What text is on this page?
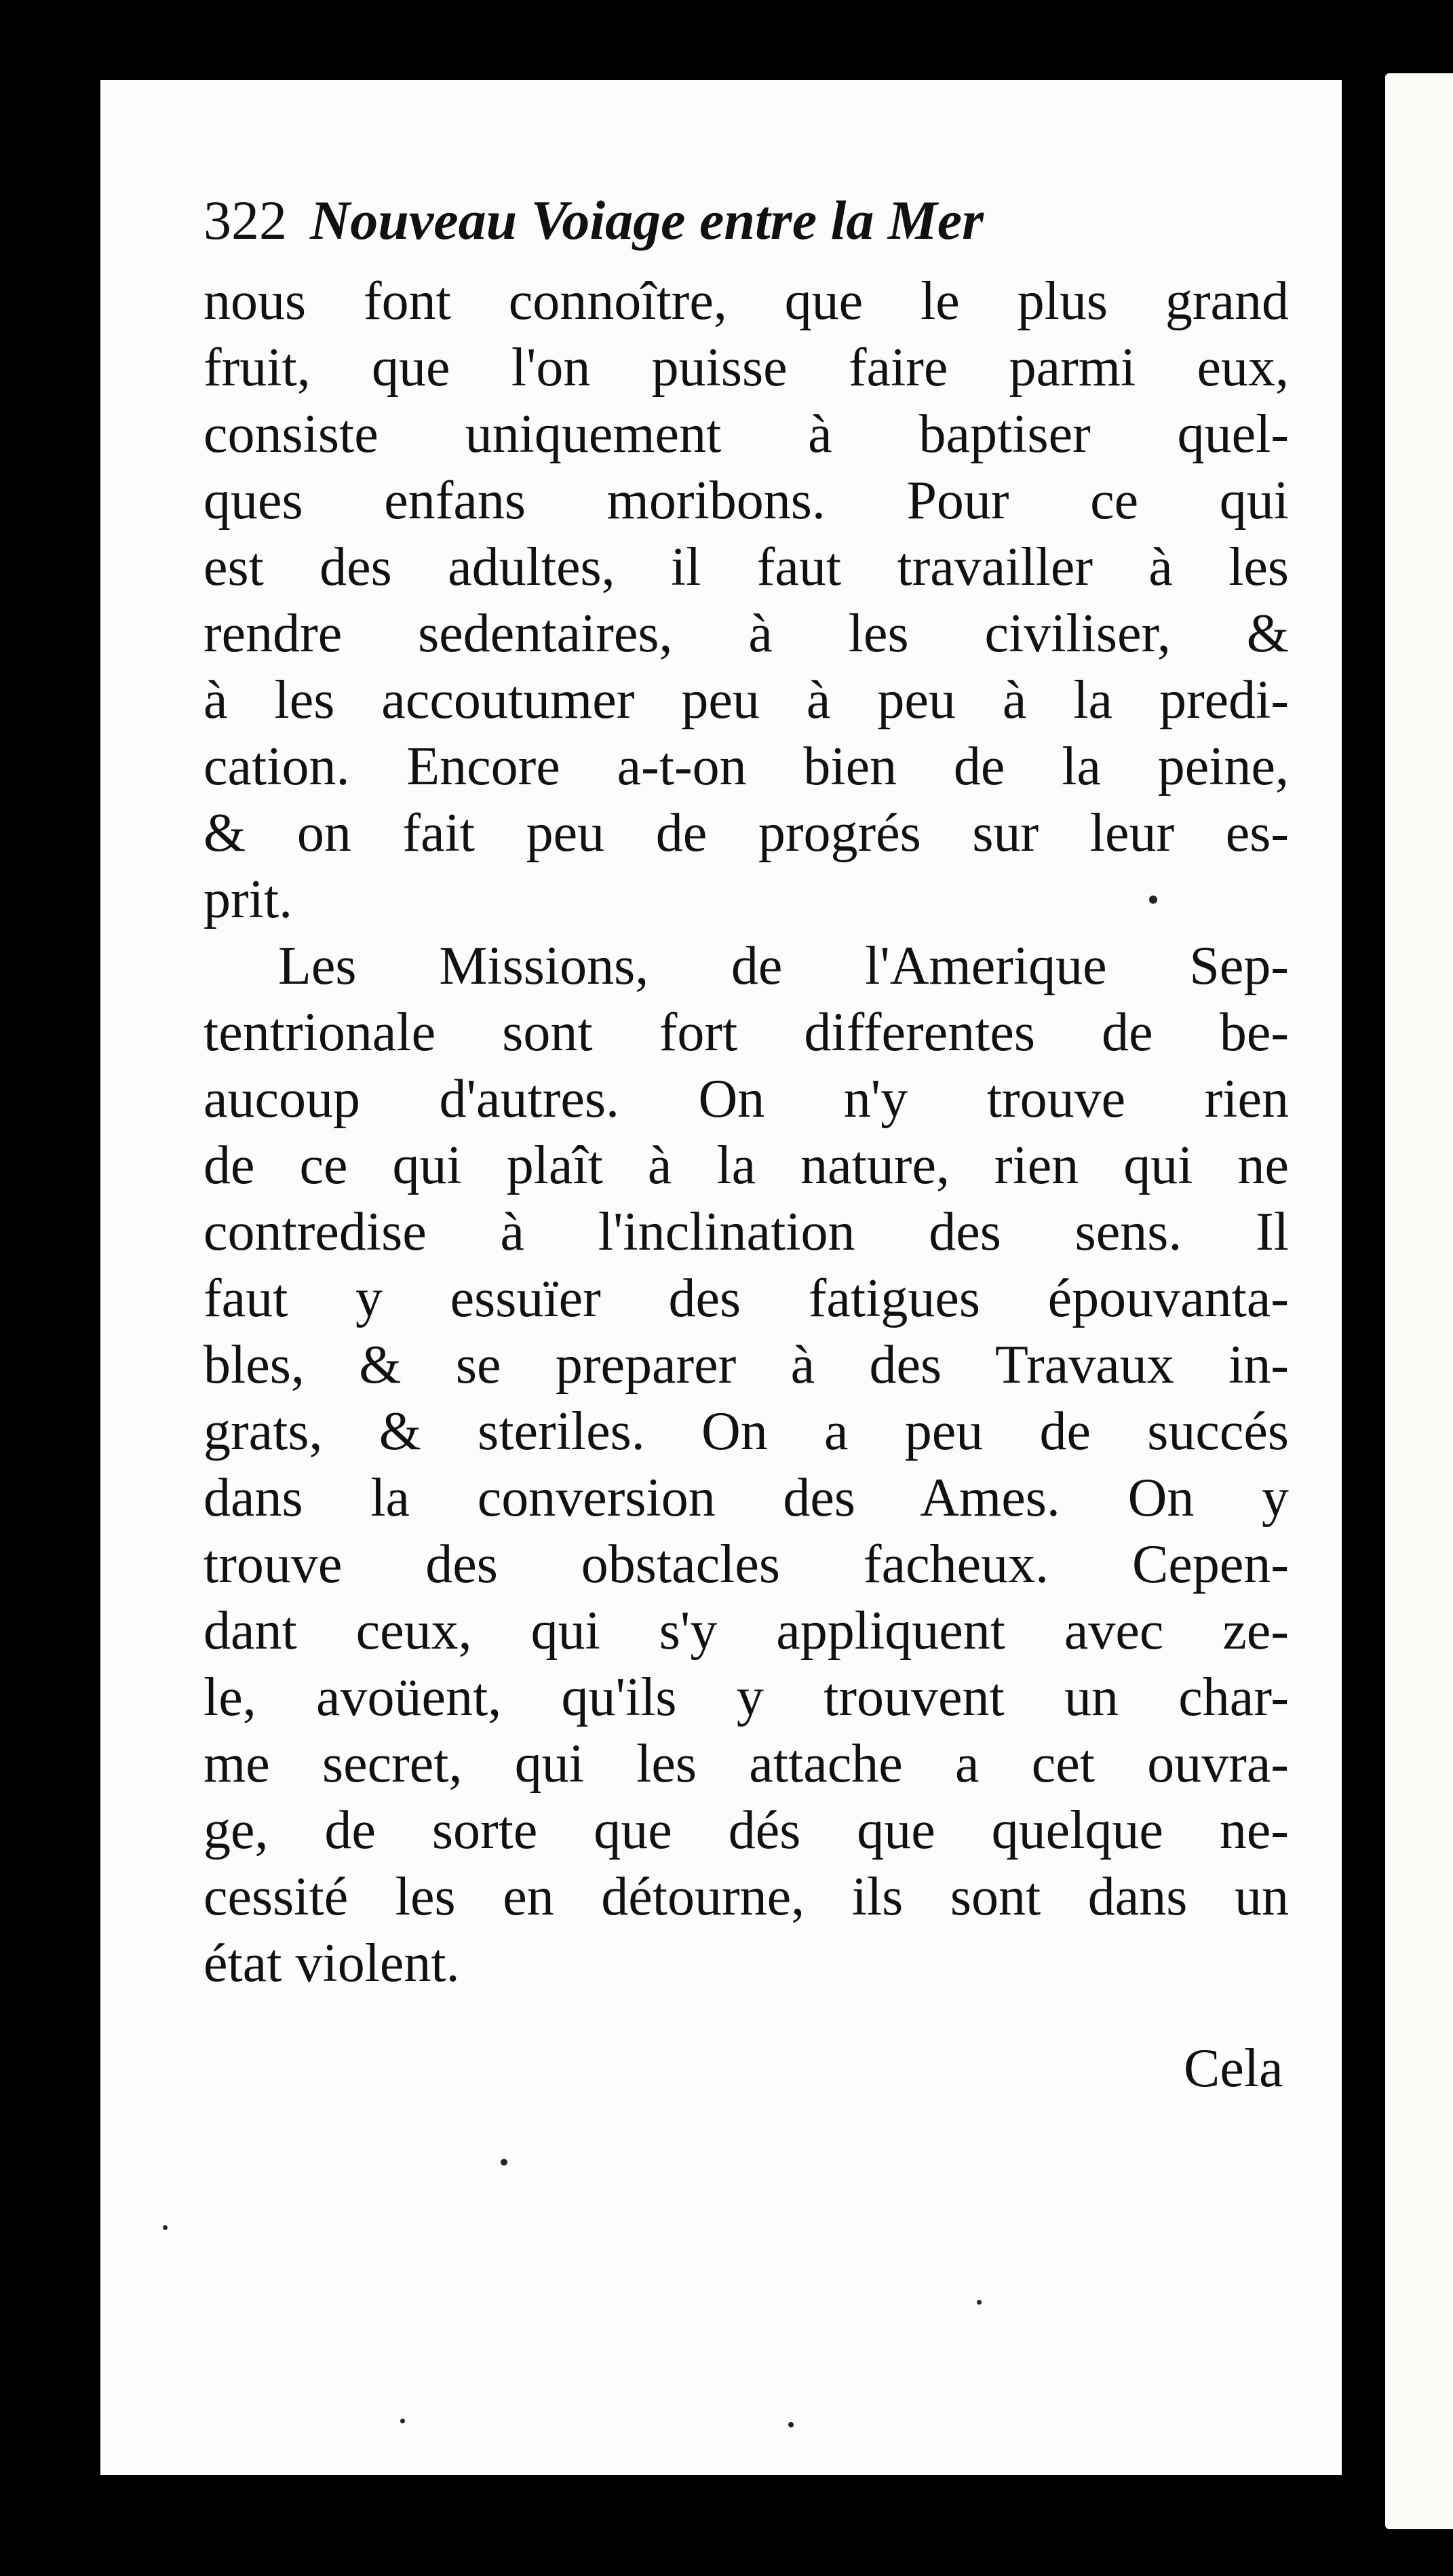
322 Nouveau Voiage entre la Mer
nous font connoître, que le plus grand
fruit, que l'on puisse faire parmi eux,
consiste uniquement à baptiser quel-
ques enfans moribons. Pour ce qui
est des adultes, il faut travailler à les
rendre sedentaires, à les civiliser, &
à les accoutumer peu à peu à la predi-
cation. Encore a-t-on bien de la peine,
& on fait peu de progrés sur leur es-
prit.
Les Missions, de l'Amerique Sep-
tentrionale sont fort differentes de be-
aucoup d'autres. On n'y trouve rien
de ce qui plaît à la nature, rien qui ne
contredise à l'inclination des sens. Il
faut y essuïer des fatigues épouvanta-
bles, & se preparer à des Travaux in-
grats, & steriles. On a peu de succés
dans la conversion des Ames. On y
trouve des obstacles facheux. Cepen-
dant ceux, qui s'y appliquent avec ze-
le, avoüent, qu'ils y trouvent un char-
me secret, qui les attache a cet ouvra-
ge, de sorte que dés que quelque ne-
cessité les en détourne, ils sont dans un
état violent.
Cela
